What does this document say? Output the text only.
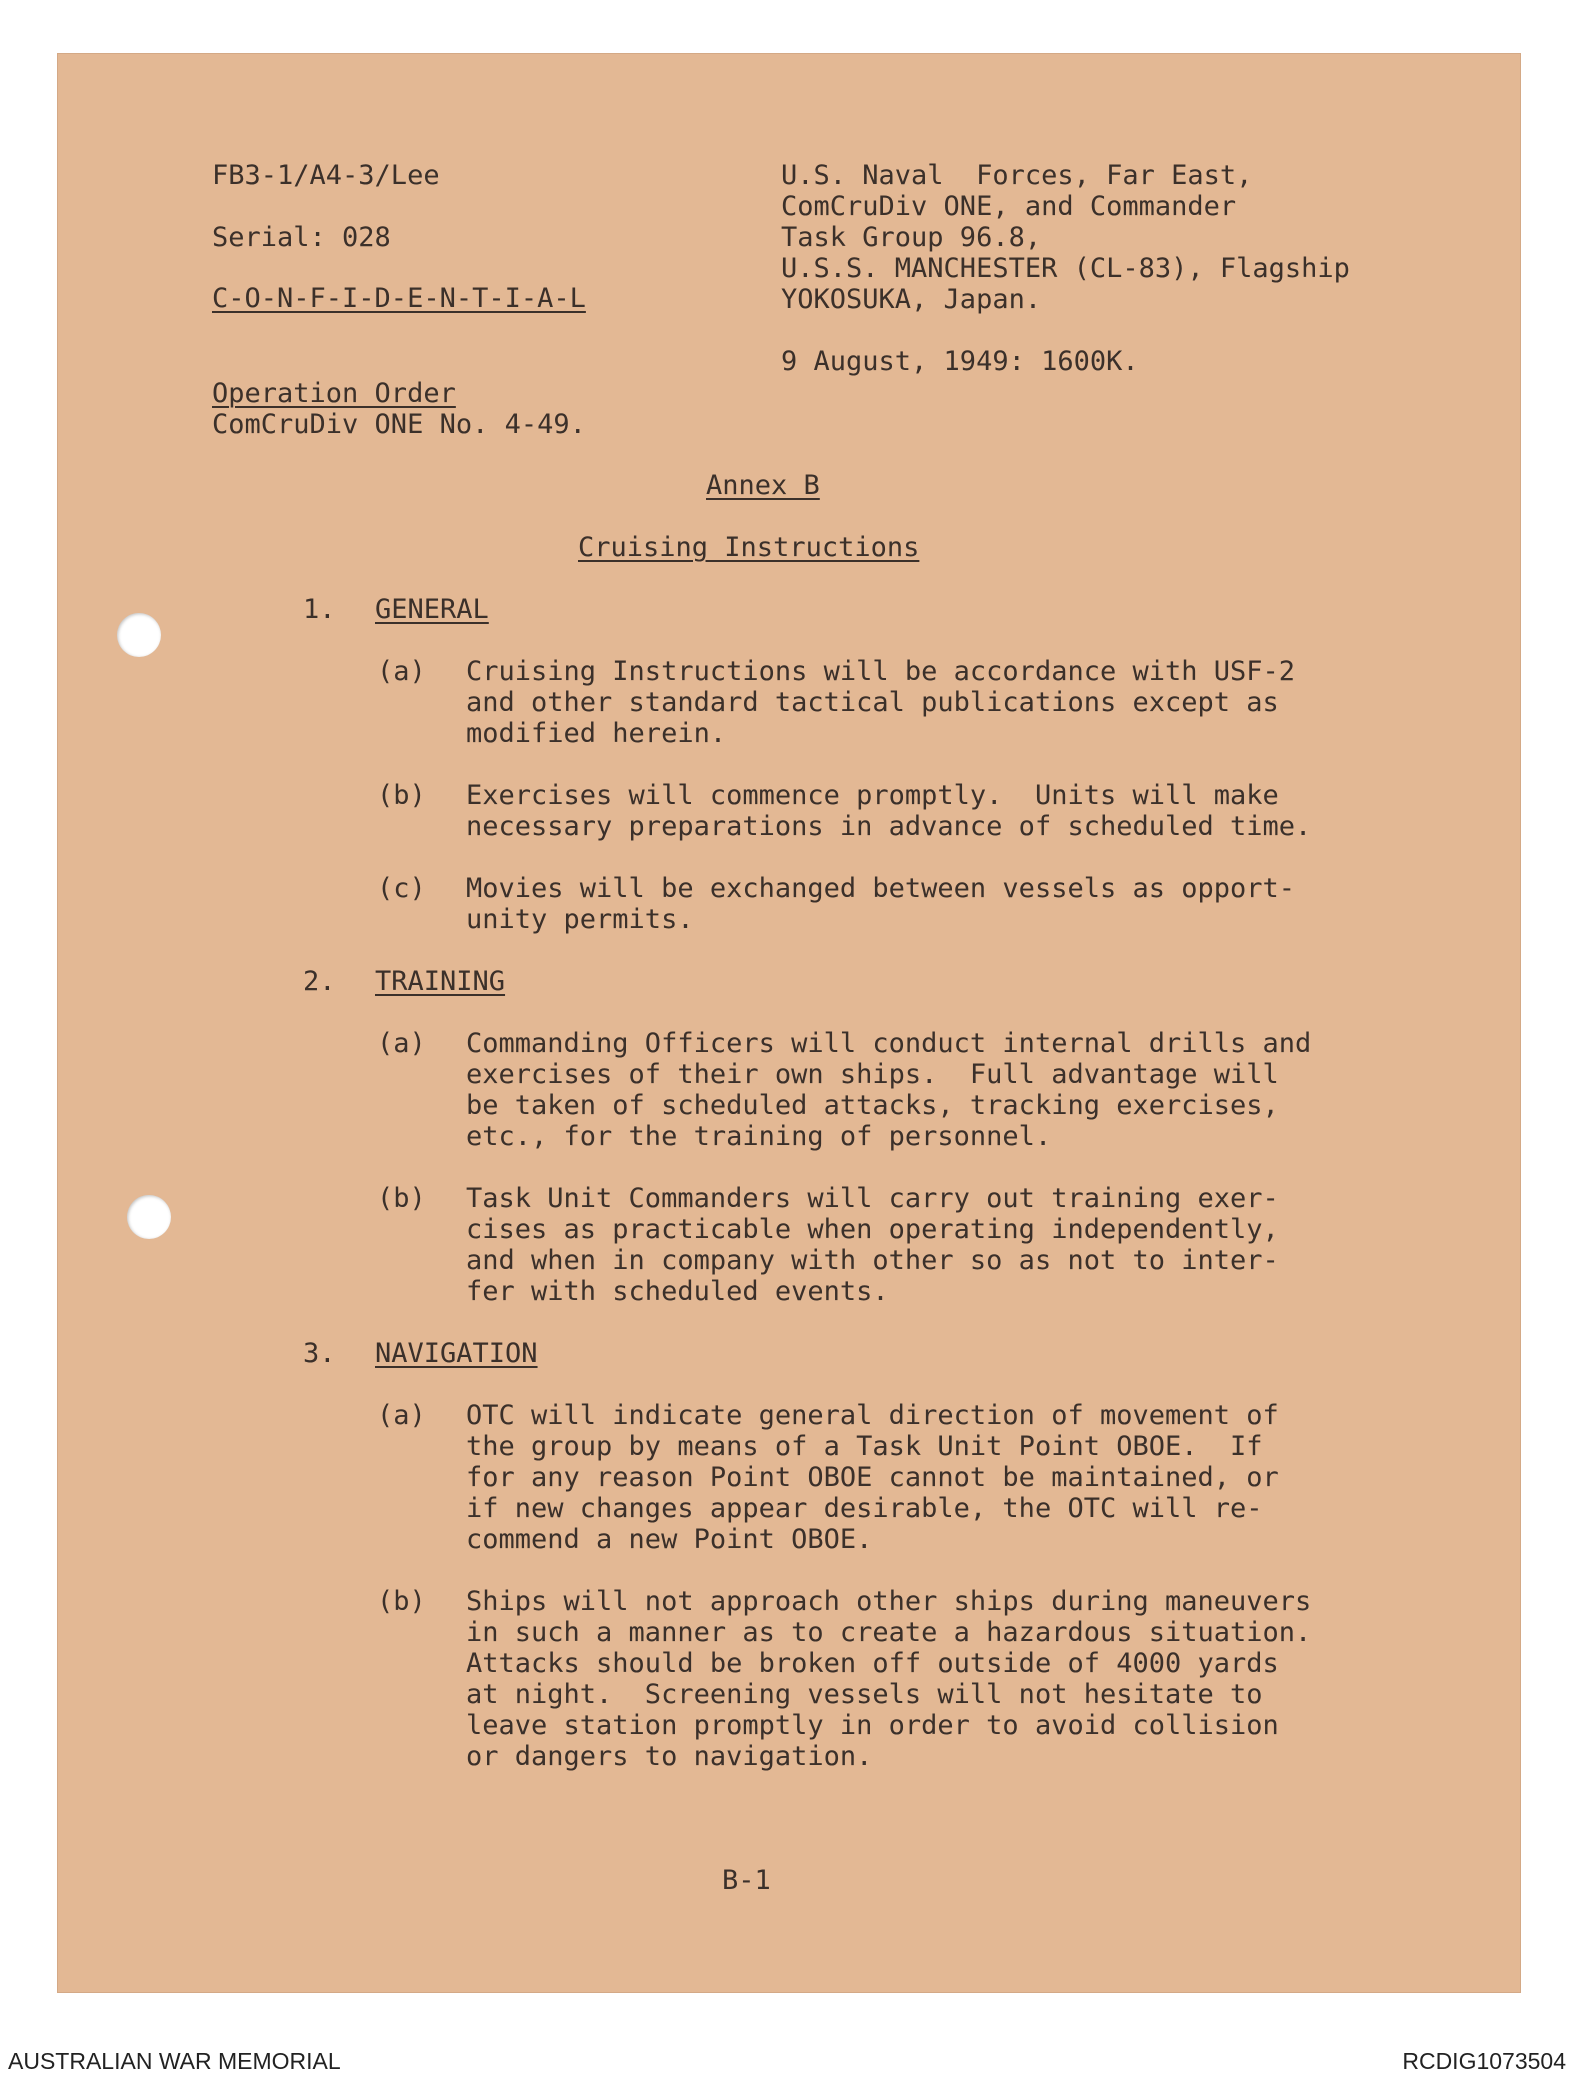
FB3-1/A4-3/Lee
Serial: 028
C-O-N-F-I-D-E-N-T-I-A-L
Operation Order
ComCruDiv ONE No. 4-49.
U.S. Naval  Forces, Far East,
ComCruDiv ONE, and Commander
Task Group 96.8,
U.S.S. MANCHESTER (CL-83), Flagship
YOKOSUKA, Japan.
9 August, 1949: 1600K.
Annex B
Cruising Instructions
1. GENERAL
(a) Cruising Instructions will be accordance with USF-2
and other standard tactical publications except as
modified herein.
(b) Exercises will commence promptly.  Units will make
necessary preparations in advance of scheduled time.
(c) Movies will be exchanged between vessels as opport-
unity permits.
2. TRAINING
(a) Commanding Officers will conduct internal drills and
exercises of their own ships.  Full advantage will
be taken of scheduled attacks, tracking exercises,
etc., for the training of personnel.
(b) Task Unit Commanders will carry out training exer-
cises as practicable when operating independently,
and when in company with other so as not to inter-
fer with scheduled events.
3. NAVIGATION
(a) OTC will indicate general direction of movement of
the group by means of a Task Unit Point OBOE.  If
for any reason Point OBOE cannot be maintained, or
if new changes appear desirable, the OTC will re-
commend a new Point OBOE.
(b) Ships will not approach other ships during maneuvers
in such a manner as to create a hazardous situation.
Attacks should be broken off outside of 4000 yards
at night.  Screening vessels will not hesitate to
leave station promptly in order to avoid collision
or dangers to navigation.
B-1
AUSTRALIAN WAR MEMORIAL	RCDIG1073504
